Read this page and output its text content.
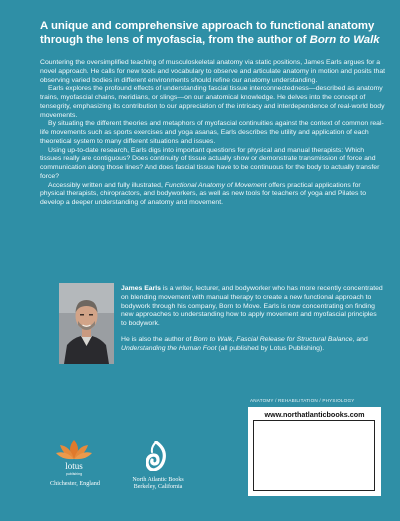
A unique and comprehensive approach to functional anatomy through the lens of myofascia, from the author of Born to Walk

Countering the oversimplified teaching of musculoskeletal anatomy via static positions, James Earls argues for a novel approach. He calls for new tools and vocabulary to observe and articulate anatomy in motion and posits that observing varied bodies in different environments should refine our anatomy understanding.

Earls explores the profound effects of understanding fascial tissue interconnectedness—described as anatomy trains, myofascial chains, meridians, or slings—on our anatomical knowledge. He delves into the concept of tensegrity, emphasizing its contribution to our appreciation of the intricacy and interdependence of real-world body movements.

By situating the different theories and metaphors of myofascial continuities against the context of common real-life movements such as sports exercises and yoga asanas, Earls describes the utility and application of each theoretical system to many different situations and issues.

Using up-to-date research, Earls digs into important questions for physical and manual therapists: Which tissues really are contiguous? Does continuity of tissue actually show or demonstrate transmission of force and communication along those lines? And does fascial tissue have to be continuous for the body to actually transfer force?

Accessibly written and fully illustrated, Functional Anatomy of Movement offers practical applications for physical therapists, chiropractors, and bodyworkers, as well as new tools for teachers of yoga and Pilates to develop a deeper understanding of anatomy and movement.

James Earls is a writer, lecturer, and bodyworker who has more recently concentrated on blending movement with manual therapy to create a new functional approach to bodywork through his company, Born to Move. Earls is now concentrating on finding new approaches to understanding how to apply movement and myofascial principles to bodywork.

He is also the author of Born to Walk, Fascial Release for Structural Balance, and Understanding the Human Foot (all published by Lotus Publishing).

lotus
publishing
Chichester, England	North Atlantic Books
Berkeley, California
ANATOMY / REHABILITATION / PHYSIOLOGY
www.northatlanticbooks.com
